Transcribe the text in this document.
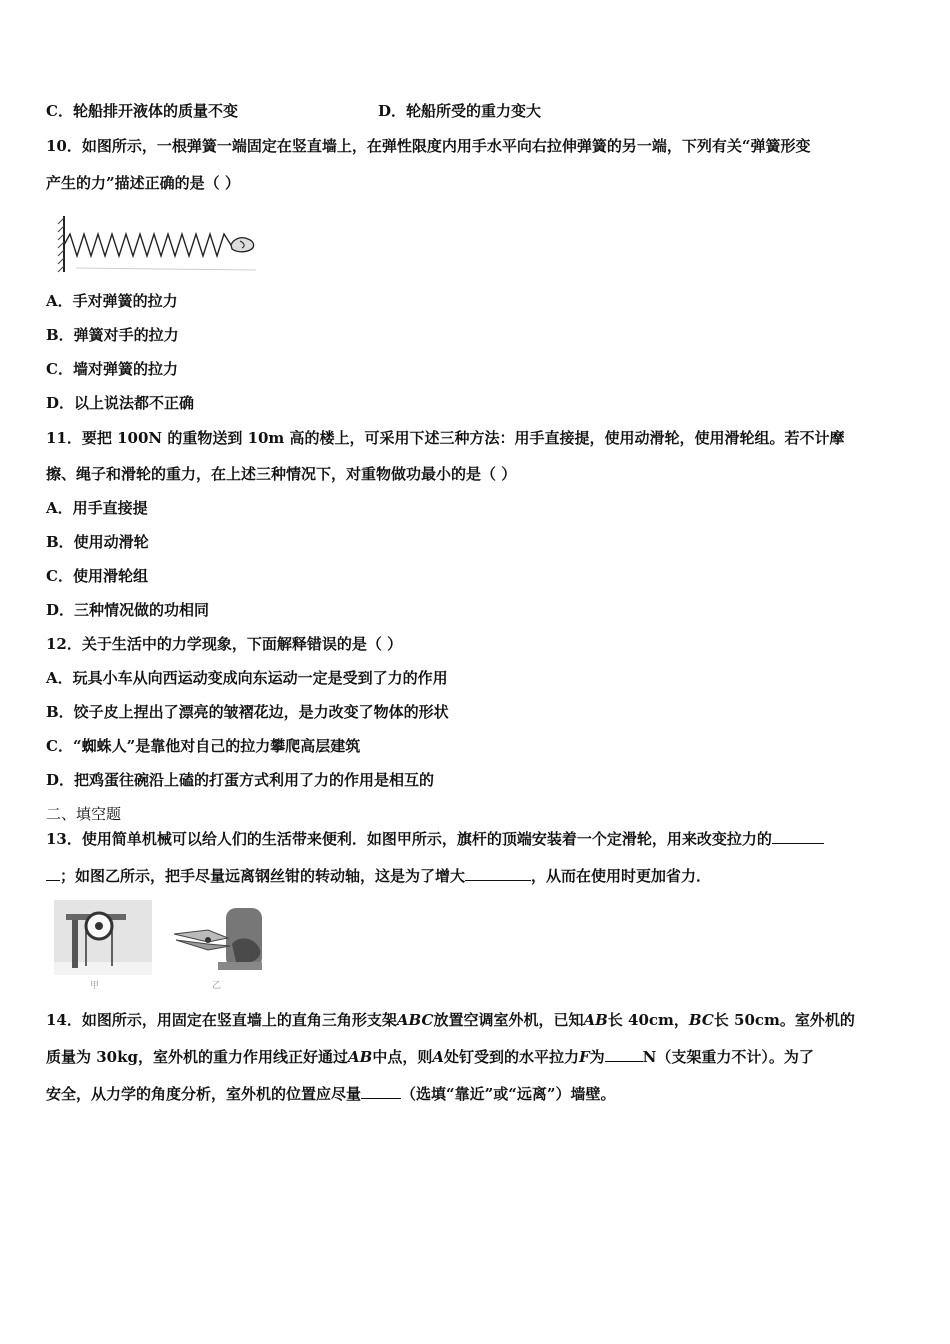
C．轮船排开液体的质量不变	D．轮船所受的重力变大
10．如图所示，一根弹簧一端固定在竖直墙上，在弹性限度内用手水平向右拉伸弹簧的另一端，下列有关“弹簧形变
产生的力”描述正确的是（ ）
A．手对弹簧的拉力
B．弹簧对手的拉力
C．墙对弹簧的拉力
D．以上说法都不正确
11．要把 100N 的重物送到 10m 高的楼上，可采用下述三种方法：用手直接提，使用动滑轮，使用滑轮组。若不计摩
擦、绳子和滑轮的重力，在上述三种情况下，对重物做功最小的是（ ）
A．用手直接提
B．使用动滑轮
C．使用滑轮组
D．三种情况做的功相同
12．关于生活中的力学现象，下面解释错误的是（ ）
A．玩具小车从向西运动变成向东运动一定是受到了力的作用
B．饺子皮上捏出了漂亮的皱褶花边，是力改变了物体的形状
C．“蜘蛛人”是靠他对自己的拉力攀爬高层建筑
D．把鸡蛋往碗沿上磕的打蛋方式利用了力的作用是相互的
二、填空题
13．使用简单机械可以给人们的生活带来便利．如图甲所示，旗杆的顶端安装着一个定滑轮，用来改变拉力的
；如图乙所示，把手尽量远离钢丝钳的转动轴，这是为了增大	，从而在使用时更加省力．
甲	乙
14．如图所示，用固定在竖直墙上的直角三角形支架ABC放置空调室外机，已知AB长 40cm，BC长 50cm。室外机的
质量为 30kg，室外机的重力作用线正好通过AB中点，则A处钉受到的水平拉力F为	N（支架重力不计）。为了
安全，从力学的角度分析，室外机的位置应尽量	（选填“靠近”或“远离”）墙壁。
